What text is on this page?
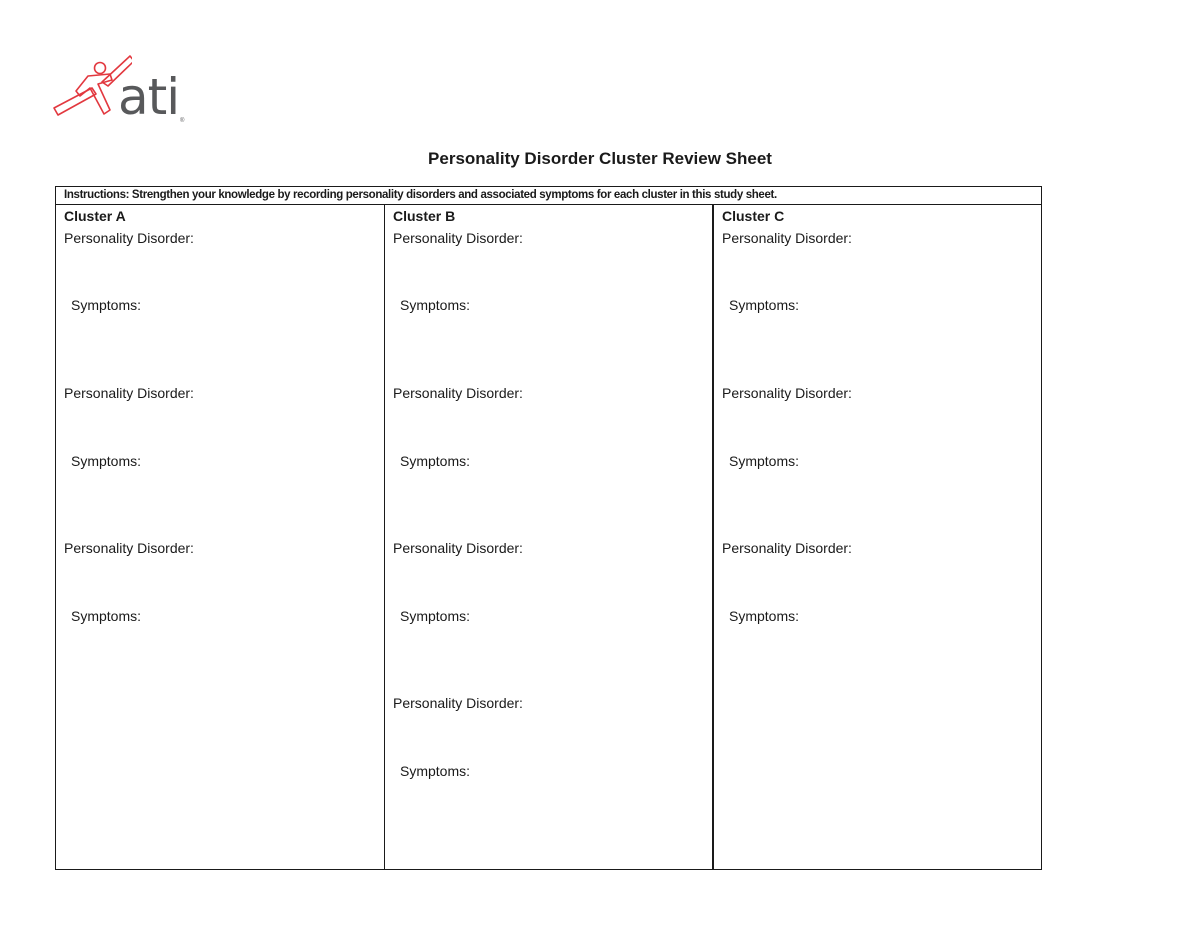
ati ®
Personality Disorder Cluster Review Sheet
Instructions: Strengthen your knowledge by recording personality disorders and associated symptoms for each cluster in this study sheet.
Cluster A
Personality Disorder:
Symptoms:
Personality Disorder:
Symptoms:
Personality Disorder:
Symptoms:
Cluster B
Personality Disorder:
Symptoms:
Personality Disorder:
Symptoms:
Personality Disorder:
Symptoms:
Personality Disorder:
Symptoms:
Cluster C
Personality Disorder:
Symptoms:
Personality Disorder:
Symptoms:
Personality Disorder:
Symptoms:
